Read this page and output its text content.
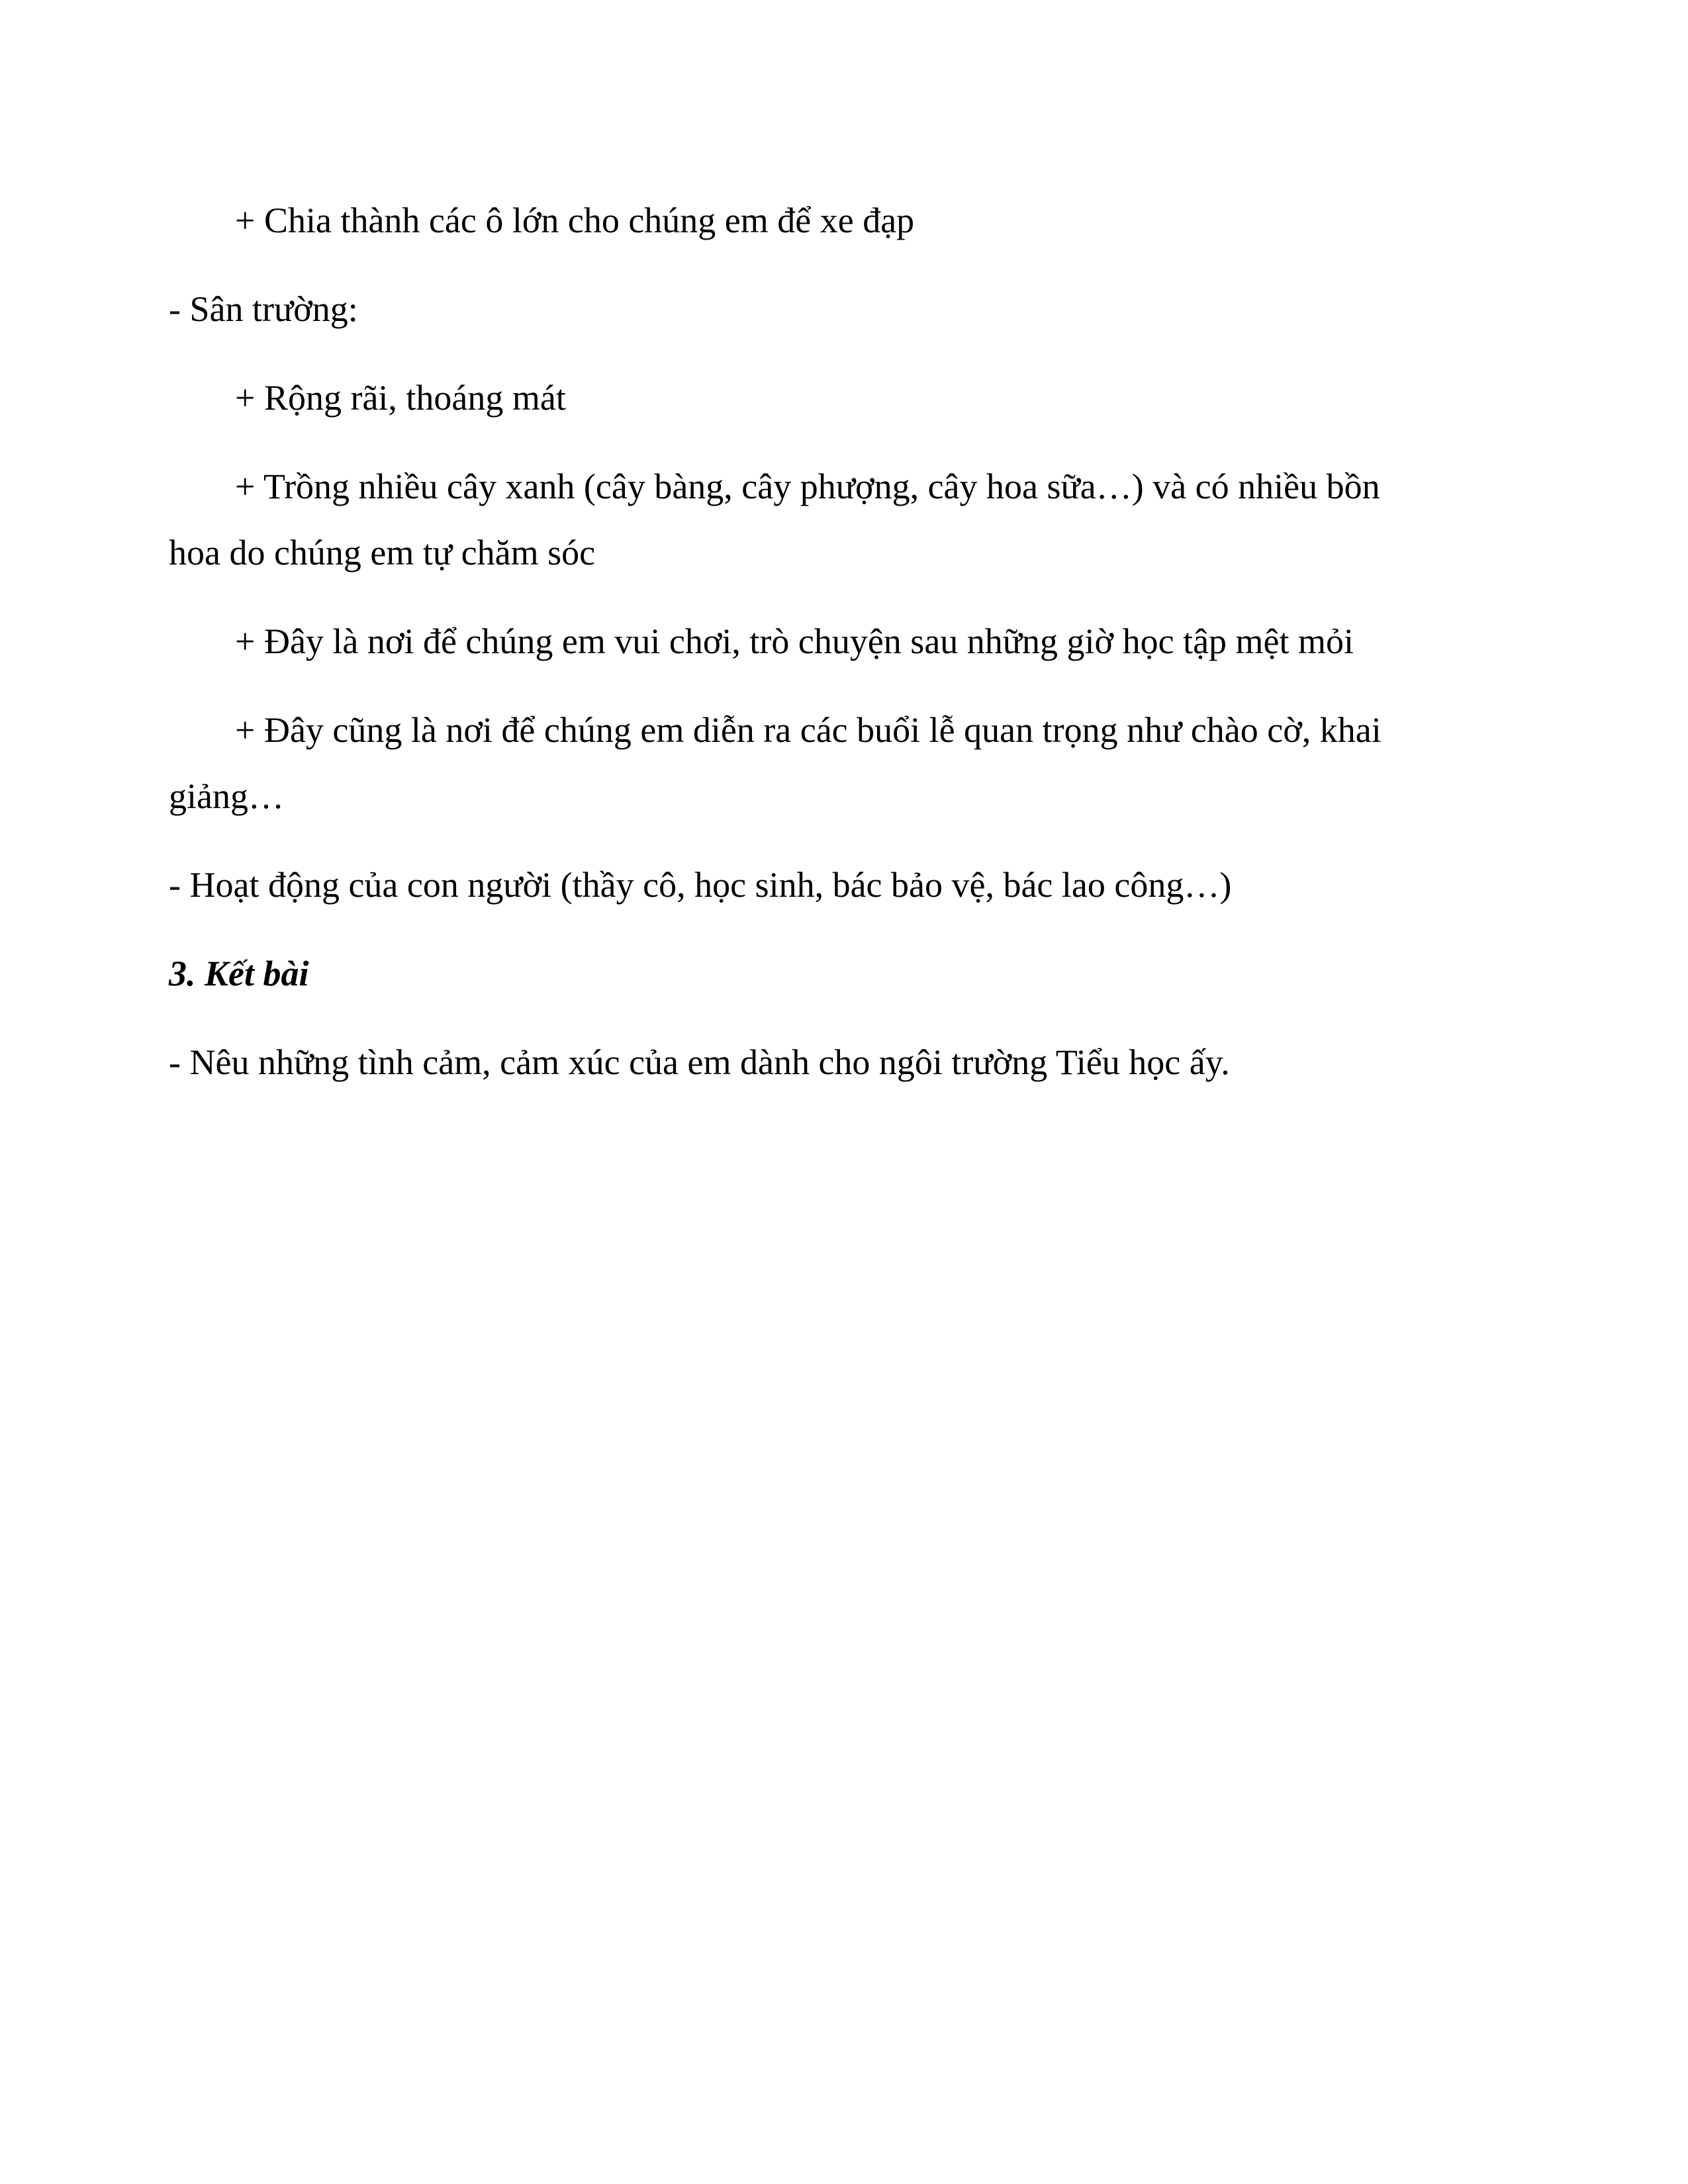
+ Chia thành các ô lớn cho chúng em để xe đạp
- Sân trường:
+ Rộng rãi, thoáng mát
+ Trồng nhiều cây xanh (cây bàng, cây phượng, cây hoa sữa…) và có nhiều bồn
hoa do chúng em tự chăm sóc
+ Đây là nơi để chúng em vui chơi, trò chuyện sau những giờ học tập mệt mỏi
+ Đây cũng là nơi để chúng em diễn ra các buổi lễ quan trọng như chào cờ, khai
giảng…
- Hoạt động của con người (thầy cô, học sinh, bác bảo vệ, bác lao công…)
3. Kết bài
- Nêu những tình cảm, cảm xúc của em dành cho ngôi trường Tiểu học ấy.
